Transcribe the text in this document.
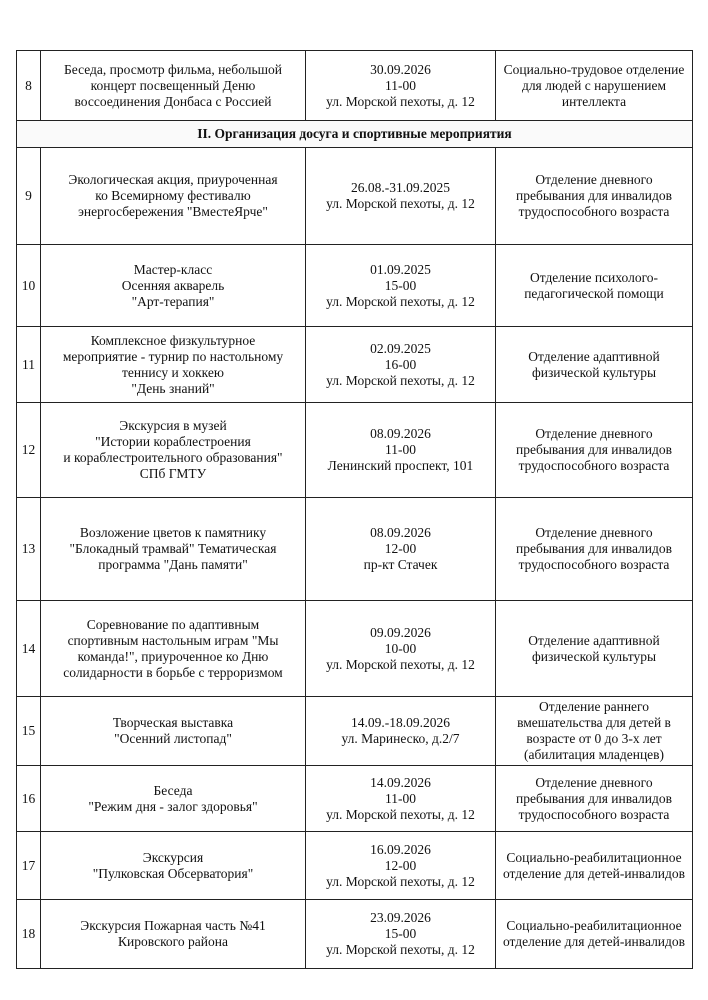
8	Беседа, просмотр фильма, небольшой
концерт посвещенный Деню
воссоединения Донбаса с Россией	30.09.2026
11-00
ул. Морской пехоты, д. 12	Социально-трудовое отделение
для людей с нарушением
интеллекта
II. Организация досуга и спортивные мероприятия			
9	Экологическая акция, приуроченная
ко Всемирному фестивалю
энергосбережения "ВместеЯрче"	26.08.-31.09.2025
ул. Морской пехоты, д. 12	Отделение дневного
пребывания для инвалидов
трудоспособного возраста
10	Мастер-класс
Осенняя акварель
"Арт-терапия"	01.09.2025
15-00
ул. Морской пехоты, д. 12	Отделение психолого-
педагогической помощи
11	Комплексное физкультурное
мероприятие - турнир по настольному
теннису и хоккею
"День знаний"	02.09.2025
16-00
ул. Морской пехоты, д. 12	Отделение адаптивной
физической культуры
12	Экскурсия в музей
"Истории кораблестроения
и кораблестроительного образования"
СПб ГМТУ	08.09.2026
11-00
Ленинский проспект, 101	Отделение дневного
пребывания для инвалидов
трудоспособного возраста
13	Возложение цветов к памятнику
"Блокадный трамвай" Тематическая
программа "Дань памяти"	08.09.2026
12-00
пр-кт Стачек	Отделение дневного
пребывания для инвалидов
трудоспособного возраста
14	Соревнование по адаптивным
спортивным настольным играм "Мы
команда!", приуроченное ко Дню
солидарности в борьбе с терроризмом	09.09.2026
10-00
ул. Морской пехоты, д. 12	Отделение адаптивной
физической культуры
15	Творческая выставка
"Осенний листопад"	14.09.-18.09.2026
ул. Маринеско, д.2/7	Отделение раннего
вмешательства для детей в
возрасте от 0 до 3-х лет
(абилитация младенцев)
16	Беседа
"Режим дня - залог здоровья"	14.09.2026
11-00
ул. Морской пехоты, д. 12	Отделение дневного
пребывания для инвалидов
трудоспособного возраста
17	Экскурсия
"Пулковская Обсерватория"	16.09.2026
12-00
ул. Морской пехоты, д. 12	Социально-реабилитационное
отделение для детей-инвалидов
18	Экскурсия Пожарная часть №41
Кировского района	23.09.2026
15-00
ул. Морской пехоты, д. 12	Социально-реабилитационное
отделение для детей-инвалидов
